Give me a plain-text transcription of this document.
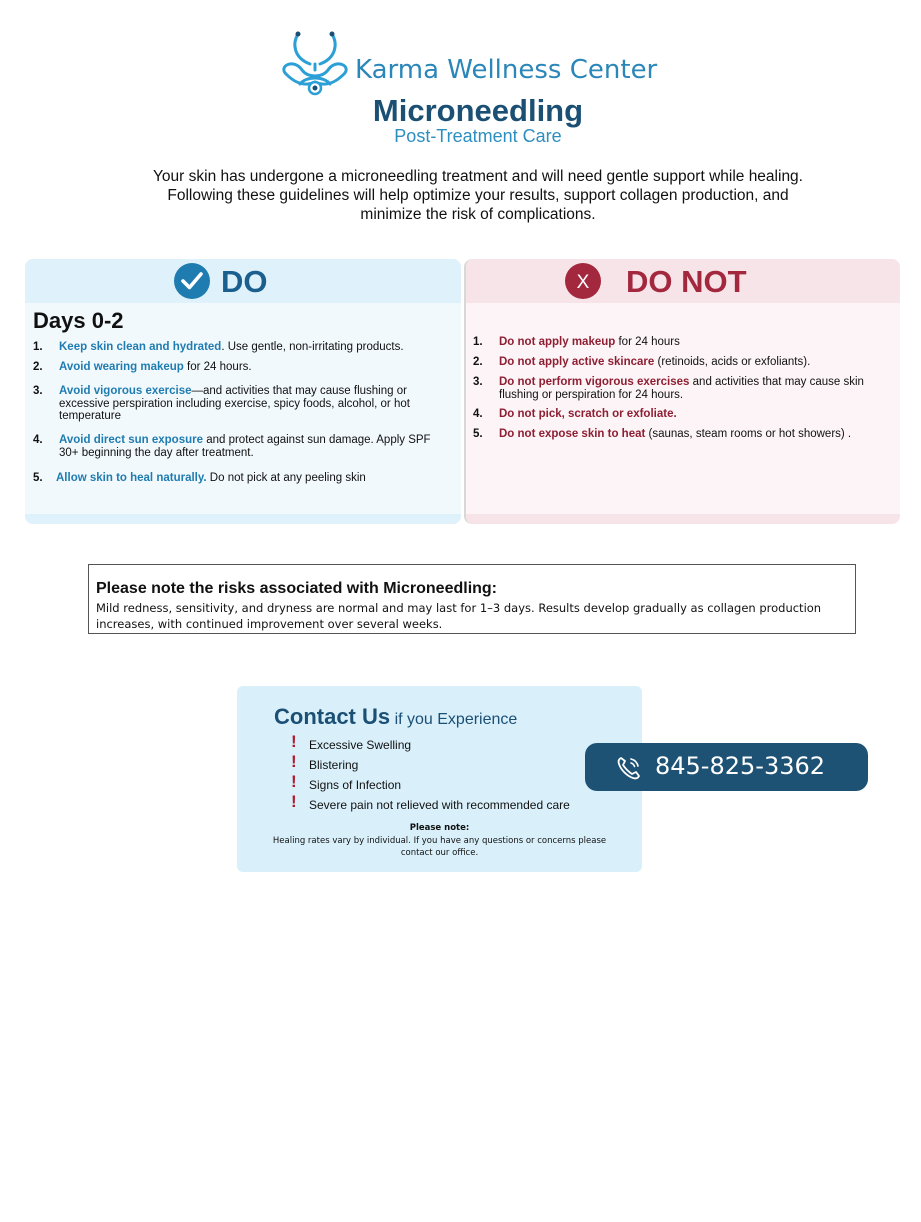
Karma Wellness Center
Microneedling
Post-Treatment Care
Your skin has undergone a microneedling treatment and will need gentle support while healing. Following these guidelines will help optimize your results, support collagen production, and minimize the risk of complications.
DO
Days 0-2
1. Keep skin clean and hydrated. Use gentle, non-irritating products.
2. Avoid wearing makeup for 24 hours.
3. Avoid vigorous exercise—and activities that may cause flushing or excessive perspiration including exercise, spicy foods, alcohol, or hot temperature
4. Avoid direct sun exposure and protect against sun damage. Apply SPF 30+ beginning the day after treatment.
5. Allow skin to heal naturally. Do not pick at any peeling skin
X DO NOT
1. Do not apply makeup for 24 hours
2. Do not apply active skincare (retinoids, acids or exfoliants).
3. Do not perform vigorous exercises and activities that may cause skin flushing or perspiration for 24 hours.
4. Do not pick, scratch or exfoliate.
5. Do not expose skin to heat (saunas, steam rooms or hot showers) .
Please note the risks associated with Microneedling:
Mild redness, sensitivity, and dryness are normal and may last for 1–3 days. Results develop gradually as collagen production increases, with continued improvement over several weeks.
Contact Us if you Experience
! Excessive Swelling
! Blistering
! Signs of Infection
! Severe pain not relieved with recommended care
Please note:
Healing rates vary by individual. If you have any questions or concerns please contact our office.
845-825-3362
